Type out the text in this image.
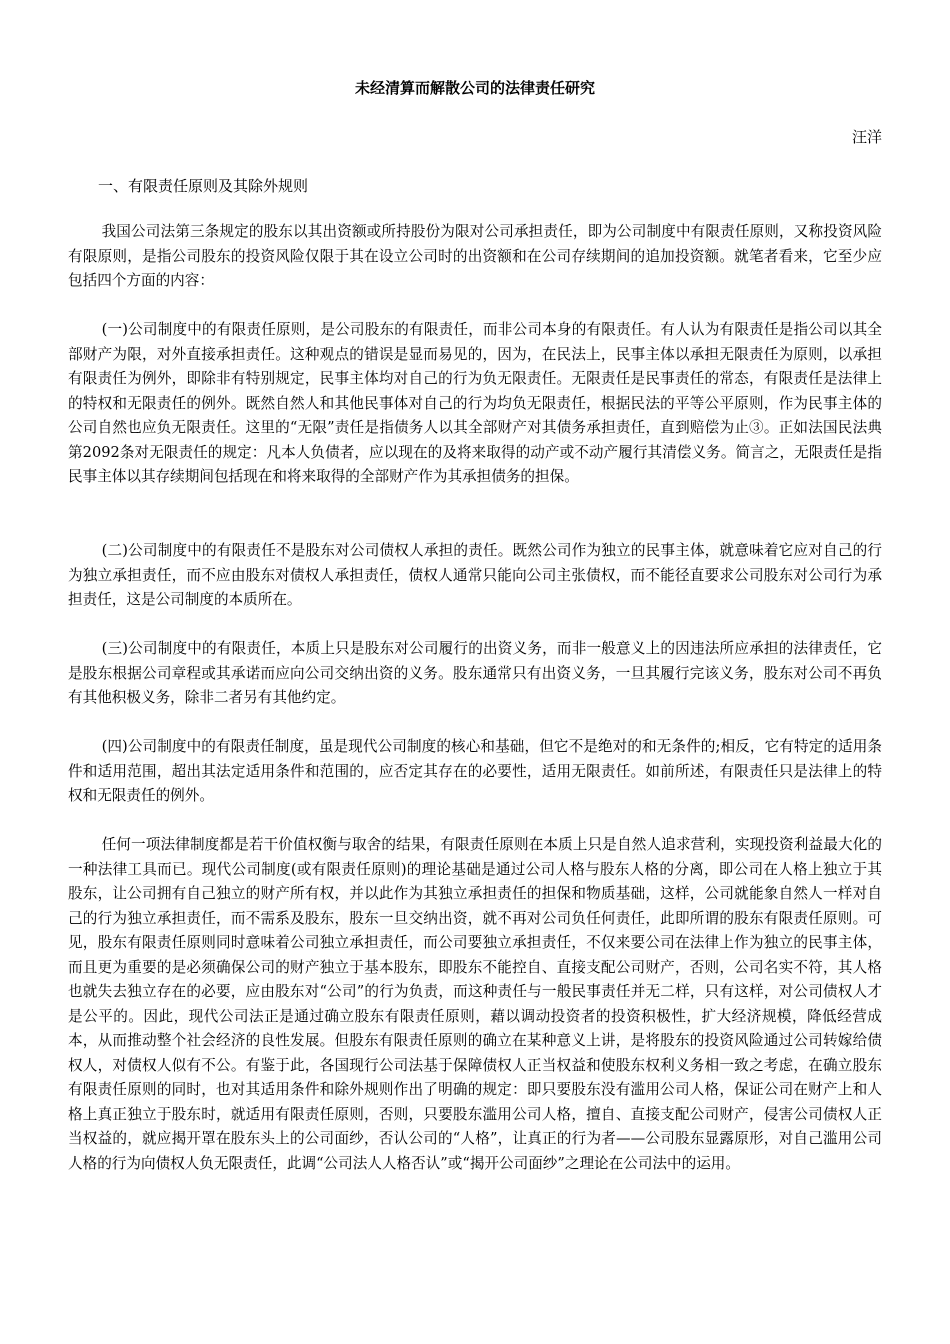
未经清算而解散公司的法律责任研究

汪洋

一、有限责任原则及其除外规则

我国公司法第三条规定的股东以其出资额或所持股份为限对公司承担责任，即为公司制度中有限责任原则，又称投资风险有限原则，是指公司股东的投资风险仅限于其在设立公司时的出资额和在公司存续期间的追加投资额。就笔者看来，它至少应包括四个方面的内容：

(一)公司制度中的有限责任原则，是公司股东的有限责任，而非公司本身的有限责任。有人认为有限责任是指公司以其全部财产为限，对外直接承担责任。这种观点的错误是显而易见的，因为，在民法上，民事主体以承担无限责任为原则，以承担有限责任为例外，即除非有特别规定，民事主体均对自己的行为负无限责任。无限责任是民事责任的常态，有限责任是法律上的特权和无限责任的例外。既然自然人和其他民事体对自己的行为均负无限责任，根据民法的平等公平原则，作为民事主体的公司自然也应负无限责任。这里的“无限”责任是指债务人以其全部财产对其债务承担责任，直到赔偿为止③。正如法国民法典第2092条对无限责任的规定：凡本人负债者，应以现在的及将来取得的动产或不动产履行其清偿义务。简言之，无限责任是指民事主体以其存续期间包括现在和将来取得的全部财产作为其承担债务的担保。

(二)公司制度中的有限责任不是股东对公司债权人承担的责任。既然公司作为独立的民事主体，就意味着它应对自己的行为独立承担责任，而不应由股东对债权人承担责任，债权人通常只能向公司主张债权，而不能径直要求公司股东对公司行为承担责任，这是公司制度的本质所在。

(三)公司制度中的有限责任，本质上只是股东对公司履行的出资义务，而非一般意义上的因违法所应承担的法律责任，它是股东根据公司章程或其承诺而应向公司交纳出资的义务。股东通常只有出资义务，一旦其履行完该义务，股东对公司不再负有其他积极义务，除非二者另有其他约定。

(四)公司制度中的有限责任制度，虽是现代公司制度的核心和基础，但它不是绝对的和无条件的;相反，它有特定的适用条件和适用范围，超出其法定适用条件和范围的，应否定其存在的必要性，适用无限责任。如前所述，有限责任只是法律上的特权和无限责任的例外。

任何一项法律制度都是若干价值权衡与取舍的结果，有限责任原则在本质上只是自然人追求营利，实现投资利益最大化的一种法律工具而已。现代公司制度(或有限责任原则)的理论基础是通过公司人格与股东人格的分离，即公司在人格上独立于其股东，让公司拥有自己独立的财产所有权，并以此作为其独立承担责任的担保和物质基础，这样，公司就能象自然人一样对自己的行为独立承担责任，而不需系及股东，股东一旦交纳出资，就不再对公司负任何责任，此即所谓的股东有限责任原则。可见，股东有限责任原则同时意味着公司独立承担责任，而公司要独立承担责任，不仅来要公司在法律上作为独立的民事主体，而且更为重要的是必须确保公司的财产独立于基本股东，即股东不能控自、直接支配公司财产，否则，公司名实不符，其人格也就失去独立存在的必要，应由股东对“公司”的行为负责，而这种责任与一般民事责任并无二样，只有这样，对公司债权人才是公平的。因此，现代公司法正是通过确立股东有限责任原则，藉以调动投资者的投资积极性，扩大经济规模，降低经营成本，从而推动整个社会经济的良性发展。但股东有限责任原则的确立在某种意义上讲，是将股东的投资风险通过公司转嫁给债权人，对债权人似有不公。有鉴于此，各国现行公司法基于保障债权人正当权益和使股东权利义务相一致之考虑，在确立股东有限责任原则的同时，也对其适用条件和除外规则作出了明确的规定：即只要股东没有滥用公司人格，保证公司在财产上和人格上真正独立于股东时，就适用有限责任原则，否则，只要股东滥用公司人格，擅自、直接支配公司财产，侵害公司债权人正当权益的，就应揭开罩在股东头上的公司面纱，否认公司的“人格”，让真正的行为者——公司股东显露原形，对自己滥用公司人格的行为向债权人负无限责任，此调“公司法人人格否认”或“揭开公司面纱”之理论在公司法中的运用。
